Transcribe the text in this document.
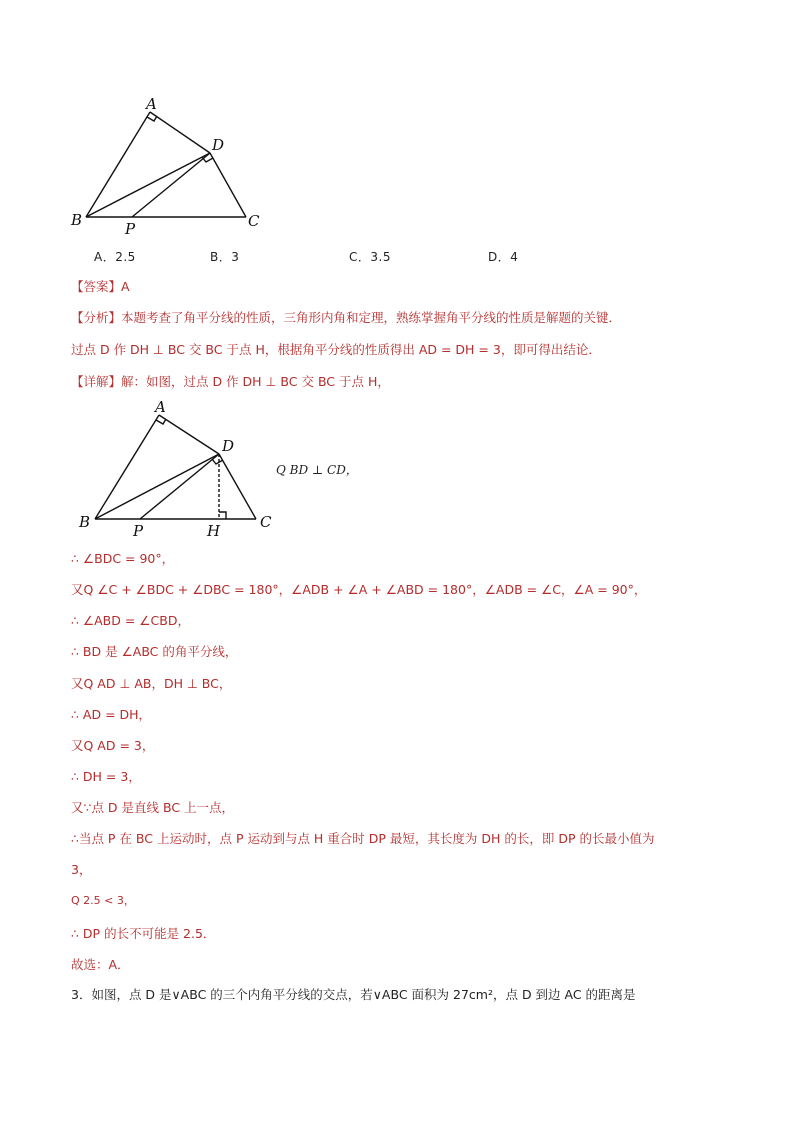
A
D
B	P	C
A．2.5	B．3	C．3.5	D．4
【答案】A
【分析】本题考查了角平分线的性质，三角形内角和定理，熟练掌握角平分线的性质是解题的关键．
过点 D 作 DH ⊥ BC 交 BC 于点 H，根据角平分线的性质得出 AD = DH = 3，即可得出结论．
【详解】解：如图，过点 D 作 DH ⊥ BC 交 BC 于点 H，
A
D
B	P	H	C
Q BD ⊥ CD，
∴ ∠BDC = 90°，
又Q ∠C + ∠BDC + ∠DBC = 180°，∠ADB + ∠A + ∠ABD = 180°，∠ADB = ∠C，∠A = 90°，
∴ ∠ABD = ∠CBD，
∴ BD 是 ∠ABC 的角平分线，
又Q AD ⊥ AB，DH ⊥ BC，
∴ AD = DH，
又Q AD = 3，
∴ DH = 3，
又∵点 D 是直线 BC 上一点，
∴当点 P 在 BC 上运动时，点 P 运动到与点 H 重合时 DP 最短，其长度为 DH 的长，即 DP 的长最小值为
3，
Q 2.5 < 3，
∴ DP 的长不可能是 2.5．
故选：A．
3．如图，点 D 是∨ABC 的三个内角平分线的交点，若∨ABC 面积为 27cm²，点 D 到边 AC 的距离是
